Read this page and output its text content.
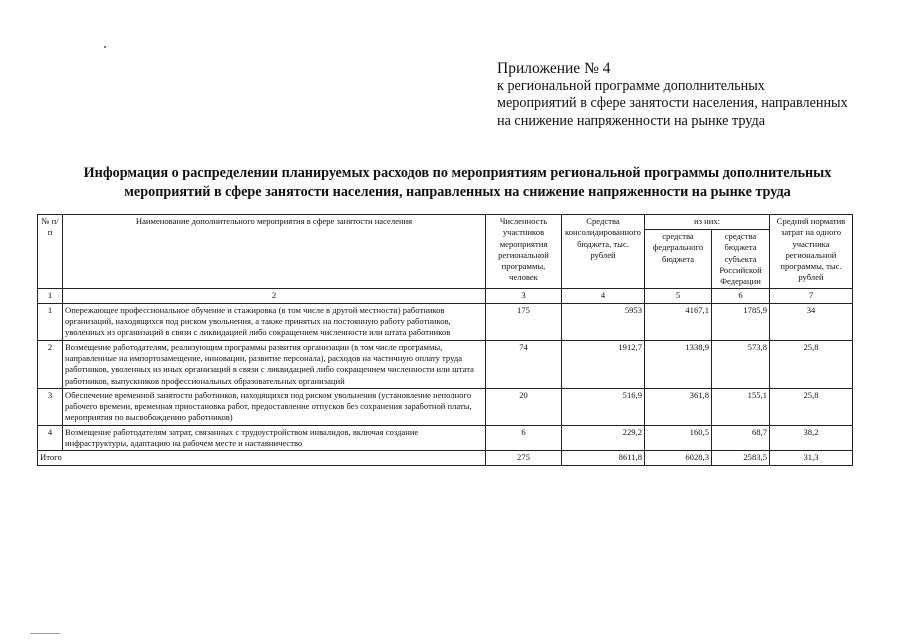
Приложение № 4
к региональной программе дополнительных
мероприятий в сфере занятости населения, направленных
на снижение напряженности на рынке труда
Информация о распределении планируемых расходов по мероприятиям региональной программы дополнительных
мероприятий в сфере занятости населения, направленных на снижение напряженности на рынке труда
№ п/п	Наименование дополнительного мероприятия в сфере занятости населения	Численность участников мероприятия региональной программы, человек	Средства консолидированного бюджета, тыс. рублей	из них:		Средний норматив затрат на одного участника региональной программы, тыс. рублей
				средства федерального бюджета	средства бюджета субъекта Российской Федерации	
1	2	3	4	5	6	7
1	Опережающее профессиональное обучение и стажировка (в том числе в другой местности) работников организаций, находящихся под риском увольнения, а также принятых на постоянную работу работников, уволенных из организаций в связи с ликвидацией либо сокращением численности или штата работников	175	5953	4167,1	1785,9	34
2	Возмещение работодателям, реализующим программы развития организации (в том числе программы, направленные на импортозамещение, инновации, развитие персонала), расходов на частичную оплату труда работников, уволенных из иных организаций в связи с ликвидацией либо сокращением численности или штата работников, выпускников профессиональных образовательных организаций	74	1912,7	1338,9	573,8	25,8
3	Обеспечение временной занятости работников, находящихся под риском увольнения (установление неполного рабочего времени, временная приостановка работ, предоставление отпусков без сохранения заработной платы, мероприятия по высвобождению работников)	20	516,9	361,8	155,1	25,8
4	Возмещение работодателям затрат, связанных с трудоустройством инвалидов, включая создание инфраструктуры, адаптацию на рабочем месте и наставничество	6	229,2	160,5	68,7	38,2
Итого		275	8611,8	6028,3	2583,5	31,3
